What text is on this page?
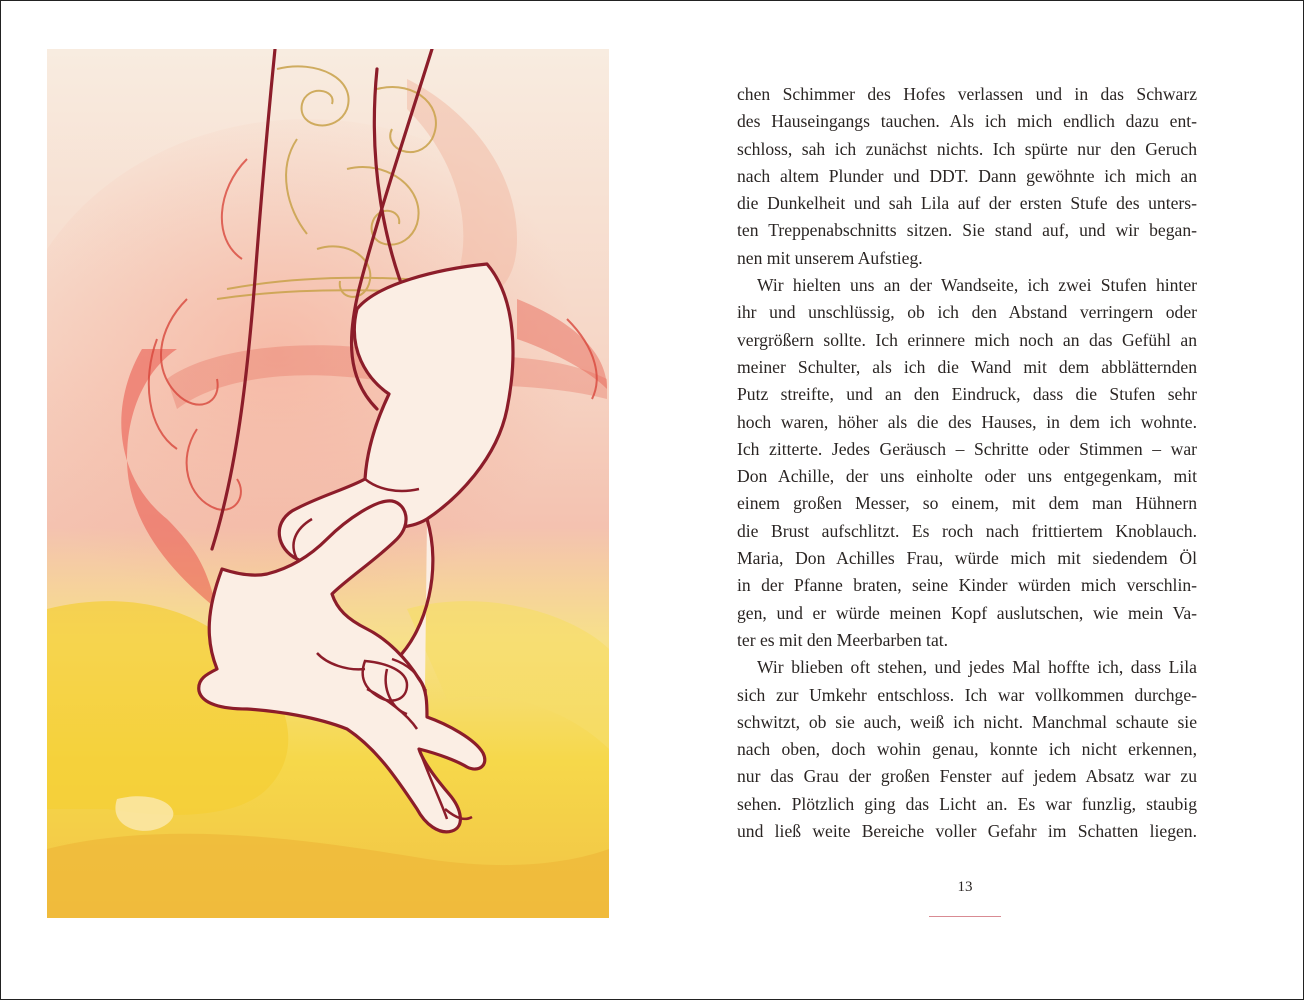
chen Schimmer des Hofes verlassen und in das Schwarz
des Hauseingangs tauchen. Als ich mich endlich dazu ent-
schloss, sah ich zunächst nichts. Ich spürte nur den Geruch
nach altem Plunder und DDT. Dann gewöhnte ich mich an
die Dunkelheit und sah Lila auf der ersten Stufe des unters-
ten Treppenabschnitts sitzen. Sie stand auf, und wir began-
nen mit unserem Aufstieg.
Wir hielten uns an der Wandseite, ich zwei Stufen hinter
ihr und unschlüssig, ob ich den Abstand verringern oder
vergrößern sollte. Ich erinnere mich noch an das Gefühl an
meiner Schulter, als ich die Wand mit dem abblätternden
Putz streifte, und an den Eindruck, dass die Stufen sehr
hoch waren, höher als die des Hauses, in dem ich wohnte.
Ich zitterte. Jedes Geräusch – Schritte oder Stimmen – war
Don Achille, der uns einholte oder uns entgegenkam, mit
einem großen Messer, so einem, mit dem man Hühnern
die Brust aufschlitzt. Es roch nach frittiertem Knoblauch.
Maria, Don Achilles Frau, würde mich mit siedendem Öl
in der Pfanne braten, seine Kinder würden mich verschlin-
gen, und er würde meinen Kopf auslutschen, wie mein Va-
ter es mit den Meerbarben tat.
Wir blieben oft stehen, und jedes Mal hoffte ich, dass Lila
sich zur Umkehr entschloss. Ich war vollkommen durchge-
schwitzt, ob sie auch, weiß ich nicht. Manchmal schaute sie
nach oben, doch wohin genau, konnte ich nicht erkennen,
nur das Grau der großen Fenster auf jedem Absatz war zu
sehen. Plötzlich ging das Licht an. Es war funzlig, staubig
und ließ weite Bereiche voller Gefahr im Schatten liegen.
13
